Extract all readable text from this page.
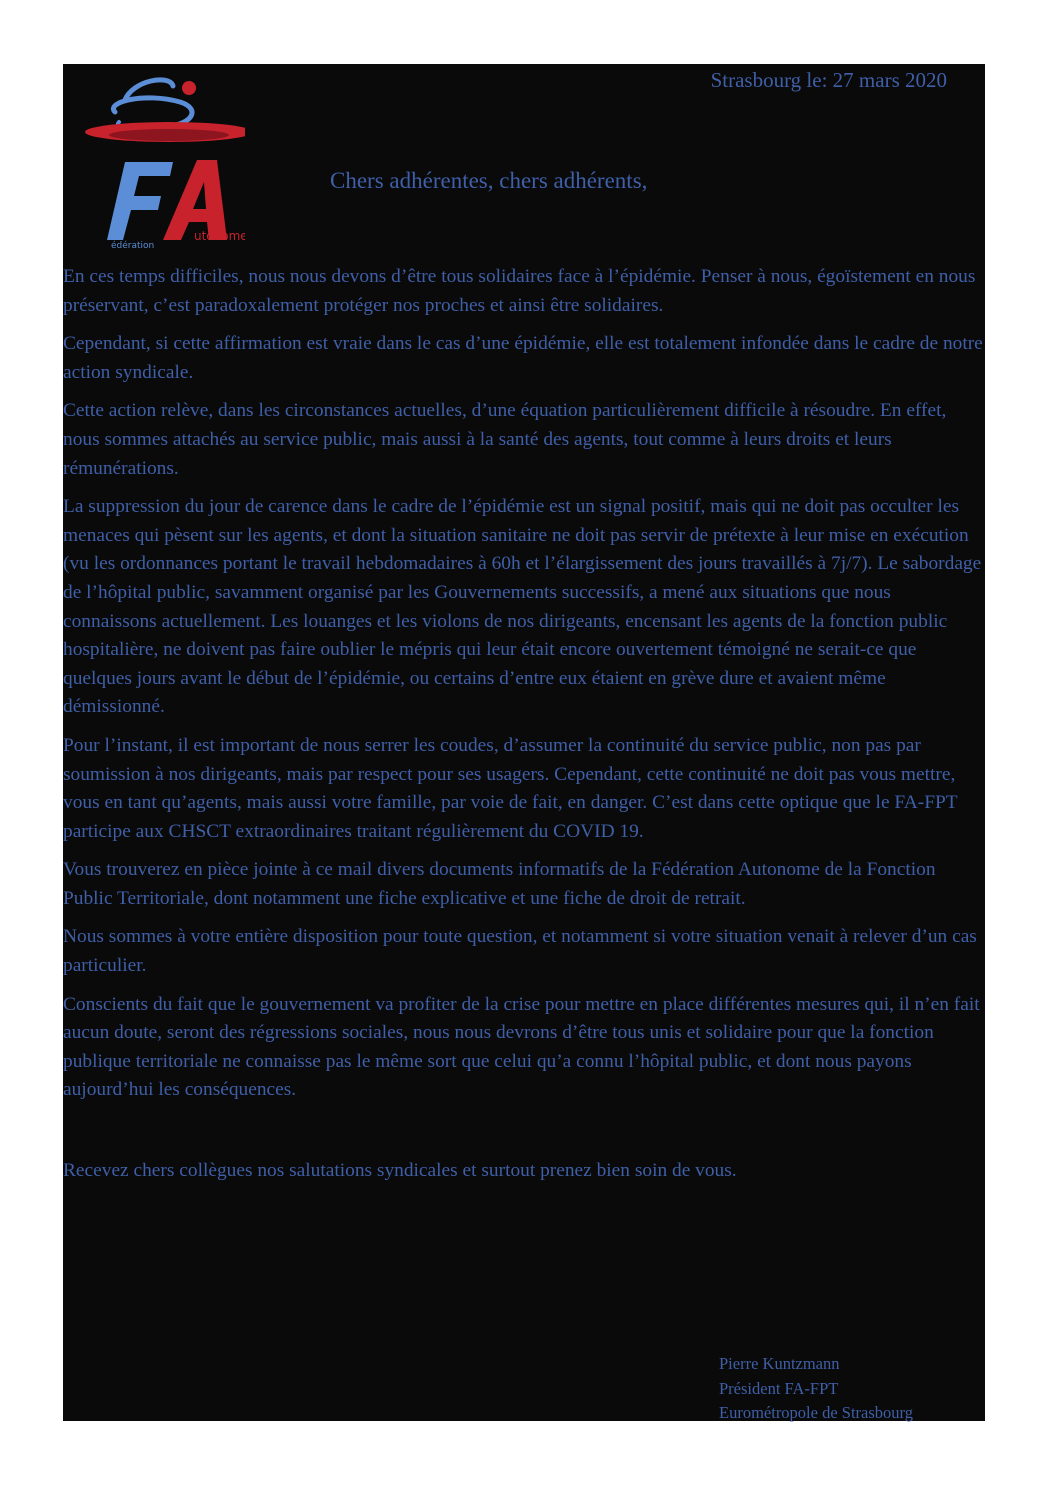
Strasbourg le: 27 mars 2020
édération
utonome
Chers adhérentes, chers adhérents,

En ces temps difficiles, nous nous devons d’être tous solidaires face à l’épidémie. Penser à nous, égoïstement en nous préservant, c’est paradoxalement protéger nos proches et ainsi être solidaires.

Cependant, si cette affirmation est vraie dans le cas d’une épidémie, elle est totalement infondée dans le cadre de notre action syndicale.

Cette action relève, dans les circonstances actuelles, d’une équation particulièrement difficile à résoudre. En effet, nous sommes attachés au service public, mais aussi à la santé des agents, tout comme à leurs droits et leurs rémunérations.

La suppression du jour de carence dans le cadre de l’épidémie est un signal positif, mais qui ne doit pas occulter les menaces qui pèsent sur les agents, et dont la situation sanitaire ne doit pas servir de prétexte à leur mise en exécution (vu les ordonnances portant le travail hebdomadaires à 60h et l’élargissement des jours travaillés à 7j/7). Le sabordage de l’hôpital public, savamment organisé par les Gouvernements successifs, a mené aux situations que nous connaissons actuellement. Les louanges et les violons de nos dirigeants, encensant les agents de la fonction public hospitalière, ne doivent pas faire oublier le mépris qui leur était encore ouvertement témoigné ne serait-ce que quelques jours avant le début de l’épidémie, ou certains d’entre eux étaient en grève dure et avaient même démissionné.

Pour l’instant, il est important de nous serrer les coudes, d’assumer la continuité du service public, non pas par soumission à nos dirigeants, mais par respect pour ses usagers. Cependant, cette continuité ne doit pas vous mettre, vous en tant qu’agents, mais aussi votre famille, par voie de fait, en danger. C’est dans cette optique que le FA-FPT participe aux CHSCT extraordinaires traitant régulièrement du COVID 19.

Vous trouverez en pièce jointe à ce mail divers documents informatifs de la Fédération Autonome de la Fonction Public Territoriale, dont notamment une fiche explicative et une fiche de droit de retrait.

Nous sommes à votre entière disposition pour toute question, et notamment si votre situation venait à relever d’un cas particulier.

Conscients du fait que le gouvernement va profiter de la crise pour mettre en place différentes mesures qui, il n’en fait aucun doute, seront des régressions sociales, nous nous devrons d’être tous unis et solidaire pour que la fonction publique territoriale ne connaisse pas le même sort que celui qu’a connu l’hôpital public, et dont nous payons aujourd’hui les conséquences.

Recevez chers collègues nos salutations syndicales et surtout prenez bien soin de vous.

Pierre Kuntzmann
Président FA-FPT
Eurométropole de Strasbourg
